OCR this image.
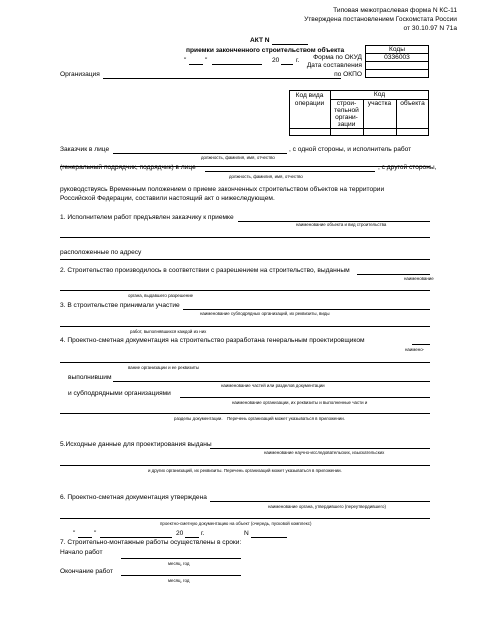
Типовая межотраслевая форма N КС-11
Утверждена постановлением Госкомстата России
от 30.10.97 N 71а
АКТ N
приемки законченного строительством объекта
"	"	20	г.
Коды
0336003
Форма по ОКУД
Дата составления
по ОКПО
Организация
Код вида
операции
Код
строи-
тельной
органи-
зации
участка	объекта
Заказчик в лице	, с одной стороны, и исполнитель работ
должность, фамилия, имя, отчество
(генеральный подрядчик, подрядчик) в лице	, с другой стороны,
должность, фамилия, имя, отчество
руководствуясь Временным положением о приеме законченных строительством объектов на территории
Российской Федерации, составили настоящий акт о нижеследующем.
1. Исполнителем работ предъявлен заказчику к приемке
наименование объекта и вид строительства
расположенные по адресу
2. Строительство производилось в соответствии с разрешением на строительство, выданным
наименование
органа, выдавшего разрешение
3. В строительстве принимали участие
наименование субподрядных организаций, их реквизиты, виды
работ, выполнявшихся каждой из них
4. Проектно-сметная документация на строительство разработана генеральным проектировщиком
наимено-
вание организации и ее реквизиты
выполнившим
наименование частей или разделов документации
и субподрядными организациями
наименование организации, их реквизиты и выполненные части и
разделы документации. Перечень организаций может указываться в приложении.
5.Исходные данные для проектирования выданы
наименование научно-исследовательских, изыскательских
и других организаций, их реквизиты. Перечень организаций может указываться в приложении.
6. Проектно-сметная документация утверждена
наименование органа, утвердившего (переутвердившего)
проектно-сметную документацию на объект (очередь, пусковой комплекс)
"	"	20	г.	N
7. Строительно-монтажные работы осуществлены в сроки:
Начало работ
месяц, год
Окончание работ
месяц, год
